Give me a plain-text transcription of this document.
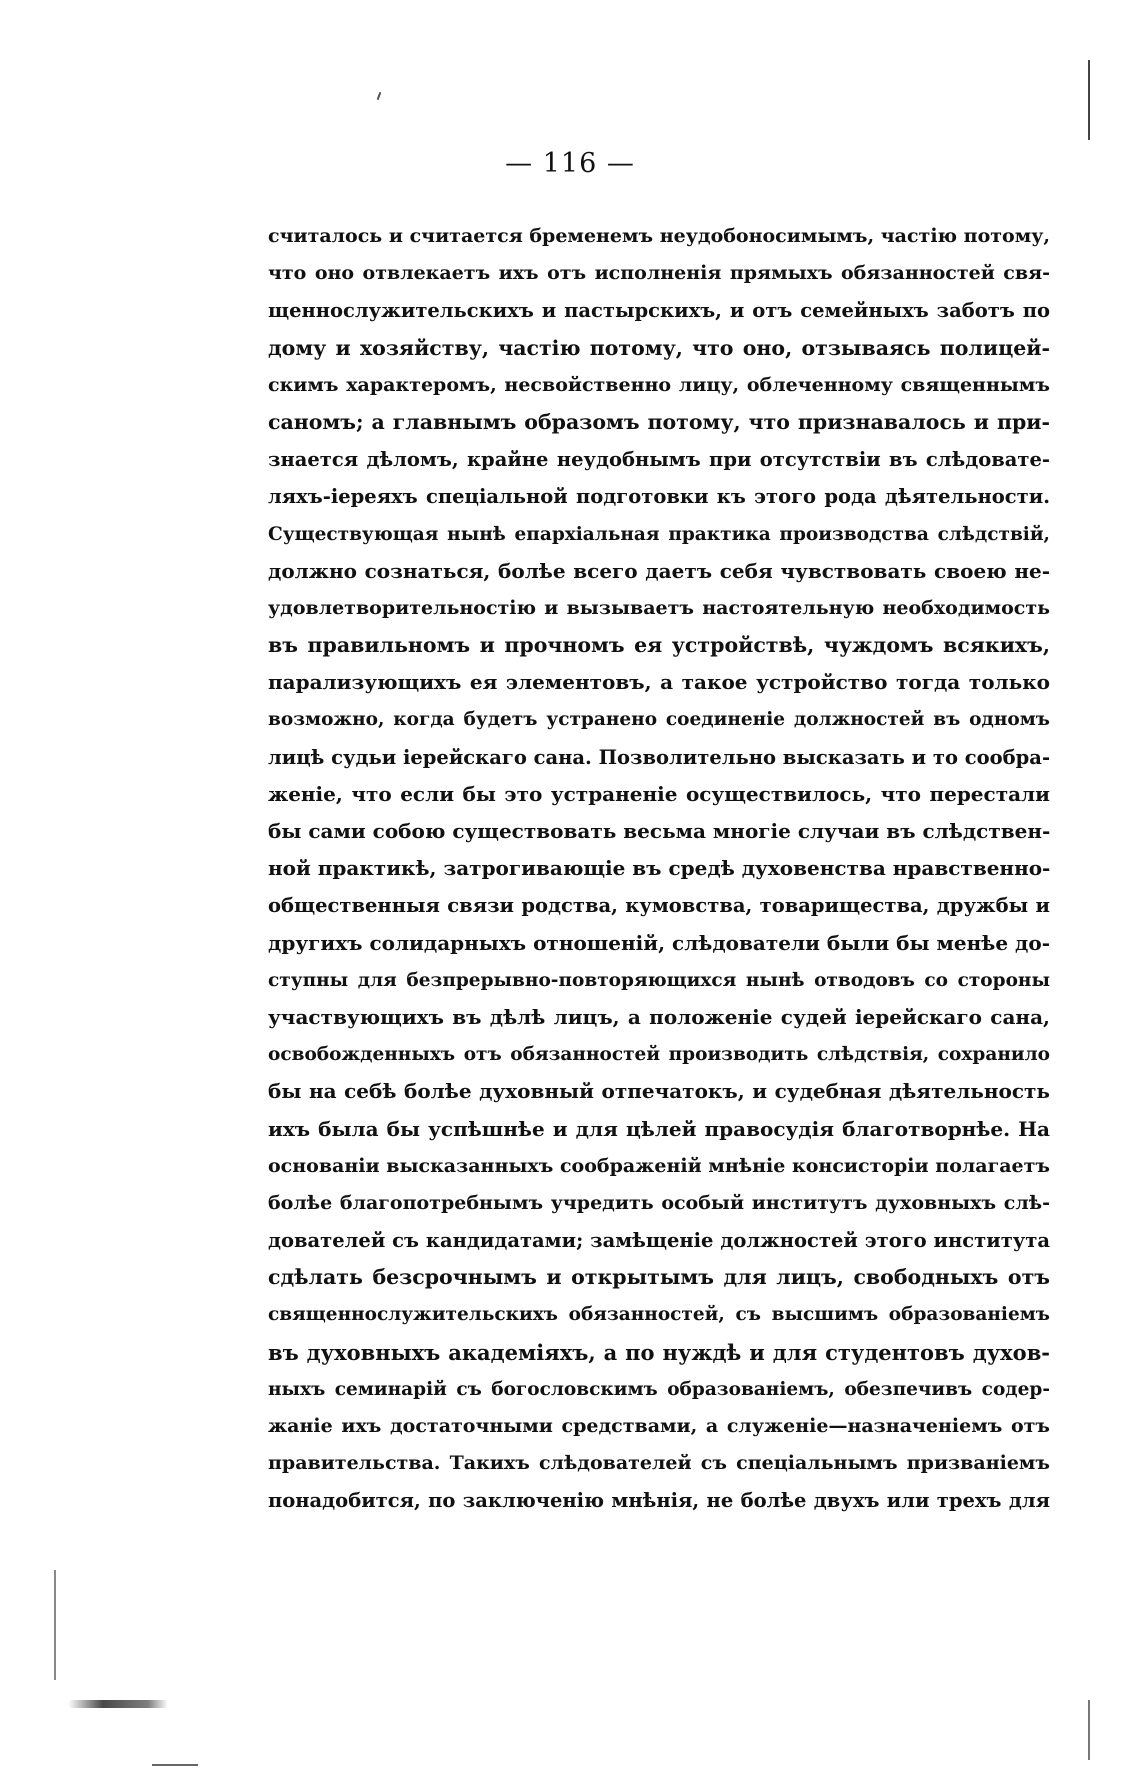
— 116 —
считалось и считается бременемъ неудобоносимымъ, частію потому,
что оно отвлекаетъ ихъ отъ исполненія прямыхъ обязанностей свя-
щеннослужительскихъ и пастырскихъ, и отъ семейныхъ заботъ по
дому и хозяйству, частію потому, что оно, отзываясь полицей-
скимъ характеромъ, несвойственно лицу, облеченному священнымъ
саномъ; а главнымъ образомъ потому, что признавалось и при-
знается дѣломъ, крайне неудобнымъ при отсутствіи въ слѣдовате-
ляхъ-іереяхъ спеціальной подготовки къ этого рода дѣятельности.
Существующая нынѣ епархіальная практика производства слѣдствій,
должно сознаться, болѣе всего даетъ себя чувствовать своею не-
удовлетворительностію и вызываетъ настоятельную необходимость
въ правильномъ и прочномъ ея устройствѣ, чуждомъ всякихъ,
парализующихъ ея элементовъ, а такое устройство тогда только
возможно, когда будетъ устранено соединеніе должностей въ одномъ
лицѣ судьи іерейскаго сана. Позволительно высказать и то сообра-
женіе, что если бы это устраненіе осуществилось, что перестали
бы сами собою существовать весьма многіе случаи въ слѣдствен-
ной практикѣ, затрогивающіе въ средѣ духовенства нравственно-
общественныя связи родства, кумовства, товарищества, дружбы и
другихъ солидарныхъ отношеній, слѣдователи были бы менѣе до-
ступны для безпрерывно-повторяющихся нынѣ отводовъ со стороны
участвующихъ въ дѣлѣ лицъ, а положеніе судей іерейскаго сана,
освобожденныхъ отъ обязанностей производить слѣдствія, сохранило
бы на себѣ болѣе духовный отпечатокъ, и судебная дѣятельность
ихъ была бы успѣшнѣе и для цѣлей правосудія благотворнѣе. На
основаніи высказанныхъ соображеній мнѣніе консисторіи полагаетъ
болѣе благопотребнымъ учредить особый институтъ духовныхъ слѣ-
дователей съ кандидатами; замѣщеніе должностей этого института
сдѣлать безсрочнымъ и открытымъ для лицъ, свободныхъ отъ
священнослужительскихъ обязанностей, съ высшимъ образованіемъ
въ духовныхъ академіяхъ, а по нуждѣ и для студентовъ духов-
ныхъ семинарій съ богословскимъ образованіемъ, обезпечивъ содер-
жаніе ихъ достаточными средствами, а служеніе—назначеніемъ отъ
правительства. Такихъ слѣдователей съ спеціальнымъ призваніемъ
понадобится, по заключенію мнѣнія, не болѣе двухъ или трехъ для
